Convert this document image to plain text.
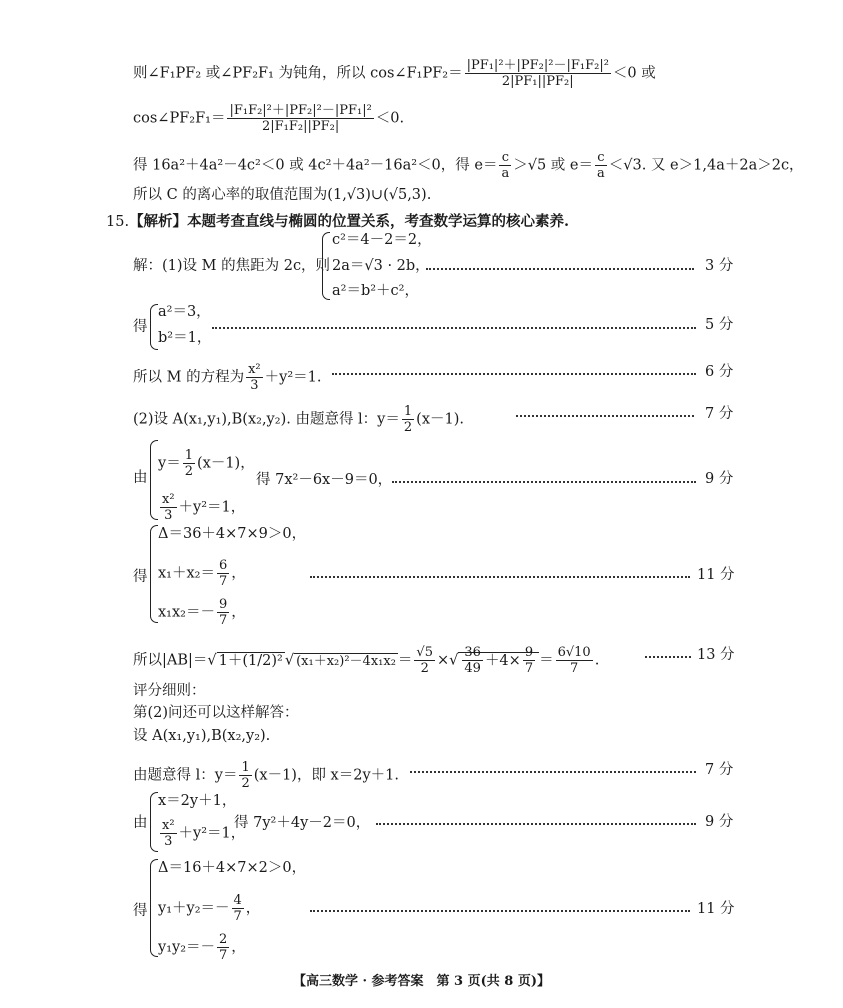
则∠F₁PF₂ 或∠PF₂F₁ 为钝角，所以 cos∠F₁PF₂＝ $\frac{\text{|PF₁|²＋|PF₂|²－|F₁F₂|²}}{\text{2|PF₁||PF₂|}} <0$ 或
cos∠PF₂F₁＝ $\frac{\text{|F₁F₂|²＋|PF₂|²－|PF₁|²}}{\text{2|F₁F₂||PF₂|}} <0$.
得 16a²＋4a²－4c²＜0 或 4c²＋4a²－16a²＜0，得 $e= \frac{c}{a} >√5$ 或 $e= \frac{c}{a} <√3$. 又 e＞1,4a＋2a＞2c，
所以 C 的离心率的取值范围为(1,√3)∪(√5,3).
15.【解析】本题考查直线与椭圆的位置关系，考查数学运算的核心素养.
解：(1)设 M 的焦距为 2c，则
c²＝4－2＝2，
2a＝√3 · 2b，
a²＝b²＋c²，
3 分
得
a²＝3，
b²＝1，
5 分
所以 M 的方程为 $\frac{\text{x²}}{3} +y^2=1$.	6 分
(2)设 A(x₁,y₁),B(x₂,y₂). 由题意得 l：$y= \frac{1}{2} (x-1)$.	7 分
由
$y= \frac{1}{2} (x-1)$，
$\frac{\text{x²}}{3} +y^2=1$，
得 7x²－6x－9＝0，	9 分
得
Δ＝36＋4×7×9＞0，
$x_1+x_2= \frac{6}{7}$ ，
$x_1x_2=- \frac{9}{7}$ ，
11 分
所以|AB|＝√ 1＋(1/2)² √ $(x_1+x_2)^2-4x_1x_2 = \frac{√5}{2}$ ×√ $\frac{36}{49} +4\times \frac{9}{7} = \frac{6√10}{7}$ .	13 分
评分细则：
第(2)问还可以这样解答：
设 A(x₁,y₁),B(x₂,y₂).
由题意得 l：$y= \frac{1}{2} (x-1)$，即 x＝2y＋1.	7 分
由
x＝2y＋1，
$\frac{\text{x²}}{3} +y^2=1$，
得 7y²＋4y－2＝0，	9 分
得
Δ＝16＋4×7×2＞0，
$y_1+y_2=- \frac{4}{7}$ ，
$y_1y_2=- \frac{2}{7}$ ，
11 分
【高三数学 · 参考答案　第 3 页(共 8 页)】
